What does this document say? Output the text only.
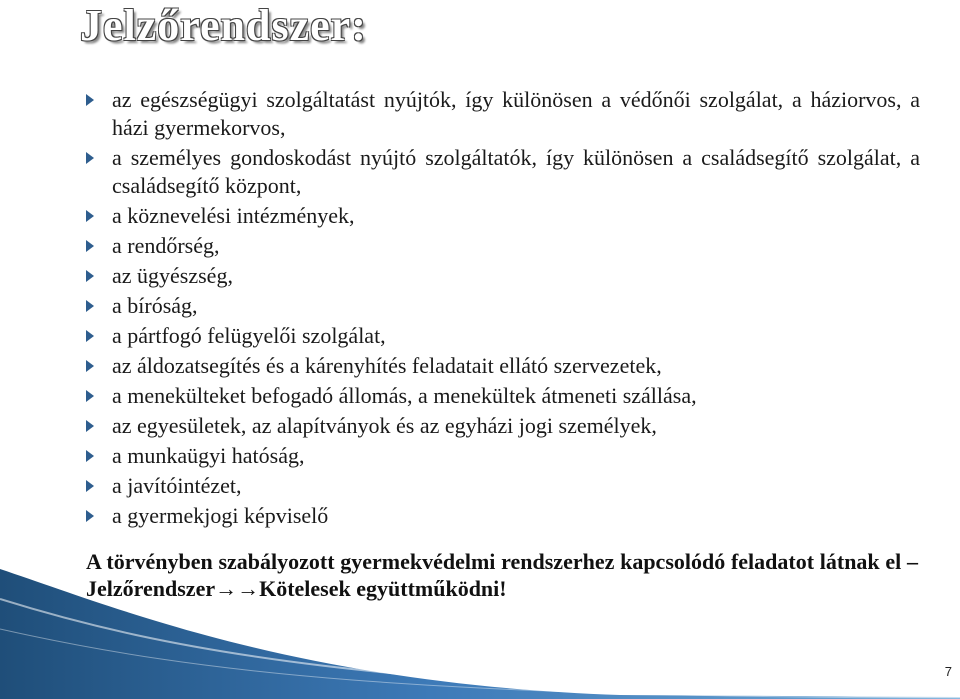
Jelzőrendszer:
az egészségügyi szolgáltatást nyújtók, így különösen a védőnői szolgálat, a háziorvos, a házi gyermekorvos,
a személyes gondoskodást nyújtó szolgáltatók, így különösen a családsegítő szolgálat, a családsegítő központ,
a köznevelési intézmények,
a rendőrség,
az ügyészség,
a bíróság,
a pártfogó felügyelői szolgálat,
az áldozatsegítés és a kárenyhítés feladatait ellátó szervezetek,
a menekülteket befogadó állomás, a menekültek átmeneti szállása,
az egyesületek, az alapítványok és az egyházi jogi személyek,
a munkaügyi hatóság,
a javítóintézet,
a gyermekjogi képviselő

A törvényben szabályozott gyermekvédelmi rendszerhez kapcsolódó feladatot látnak el – Jelzőrendszer→→Kötelesek együttműködni!

7
